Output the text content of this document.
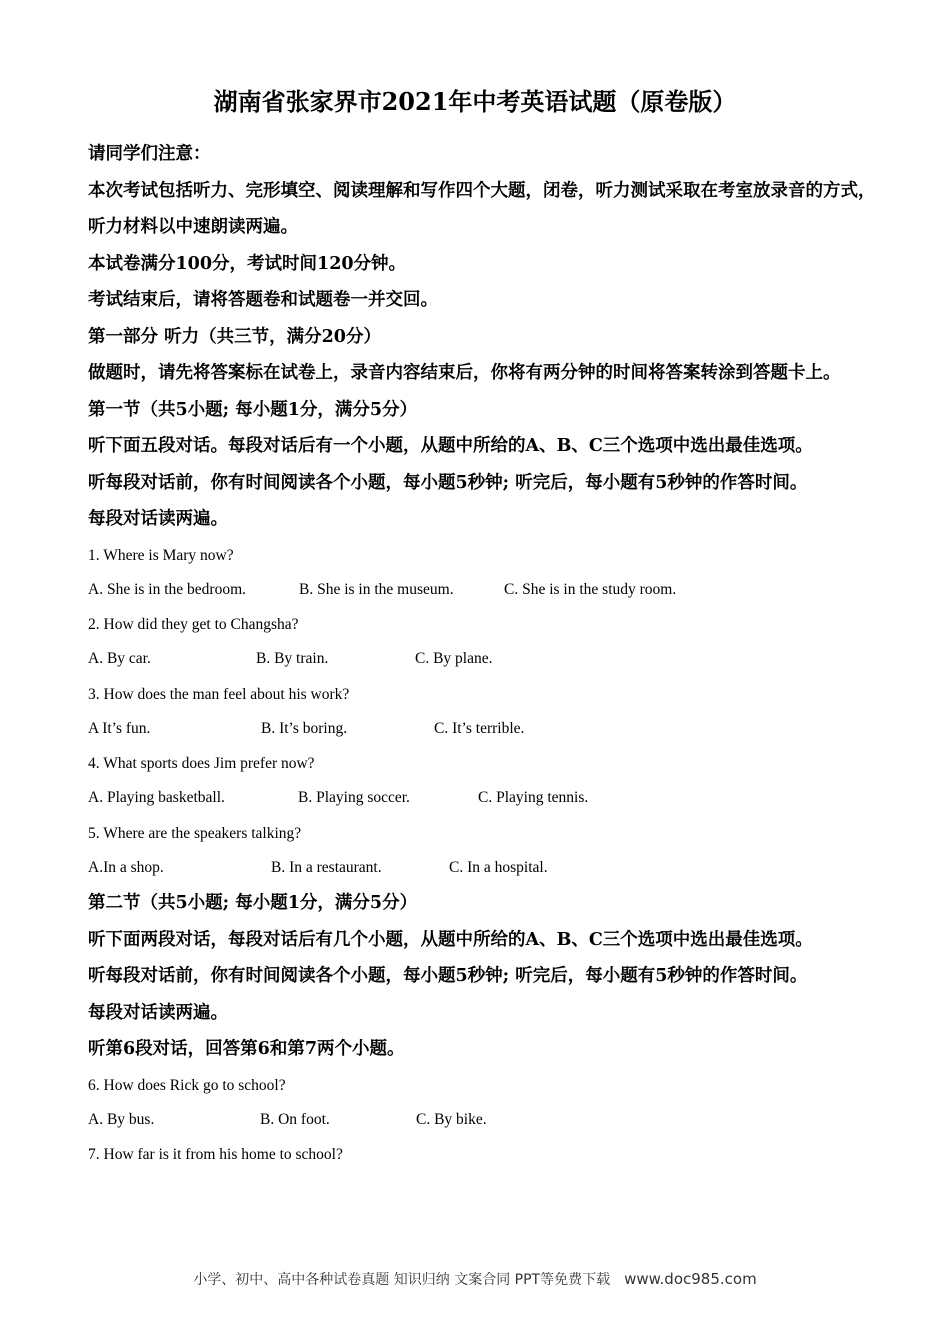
湖南省张家界市2021年中考英语试题（原卷版）
请同学们注意：
本次考试包括听力、完形填空、阅读理解和写作四个大题，闭卷，听力测试采取在考室放录音的方式，听力材料以中速朗读两遍。
本试卷满分100分，考试时间120分钟。
考试结束后，请将答题卷和试题卷一并交回。
第一部分 听力（共三节，满分20分）
做题时，请先将答案标在试卷上，录音内容结束后，你将有两分钟的时间将答案转涂到答题卡上。
第一节（共5小题; 每小题1分，满分5分）
听下面五段对话。每段对话后有一个小题，从题中所给的A、B、C三个选项中选出最佳选项。
听每段对话前，你有时间阅读各个小题，每小题5秒钟; 听完后，每小题有5秒钟的作答时间。
每段对话读两遍。
1. Where is Mary now?
A. She is in the bedroom.	B. She is in the museum.	C. She is in the study room.
2. How did they get to Changsha?
A. By car.	B. By train.	C. By plane.
3. How does the man feel about his work?
A It’s fun.	B. It’s boring.	C. It’s terrible.
4. What sports does Jim prefer now?
A. Playing basketball.	B. Playing soccer.	C. Playing tennis.
5. Where are the speakers talking?
A.In a shop.	B. In a restaurant.	C. In a hospital.
第二节（共5小题; 每小题1分，满分5分）
听下面两段对话，每段对话后有几个小题，从题中所给的A、B、C三个选项中选出最佳选项。
听每段对话前，你有时间阅读各个小题，每小题5秒钟; 听完后，每小题有5秒钟的作答时间。
每段对话读两遍。
听第6段对话，回答第6和第7两个小题。
6. How does Rick go to school?
A. By bus.	B. On foot.	C. By bike.
7. How far is it from his home to school?
小学、初中、高中各种试卷真题 知识归纳 文案合同 PPT等免费下载 www.doc985.com
